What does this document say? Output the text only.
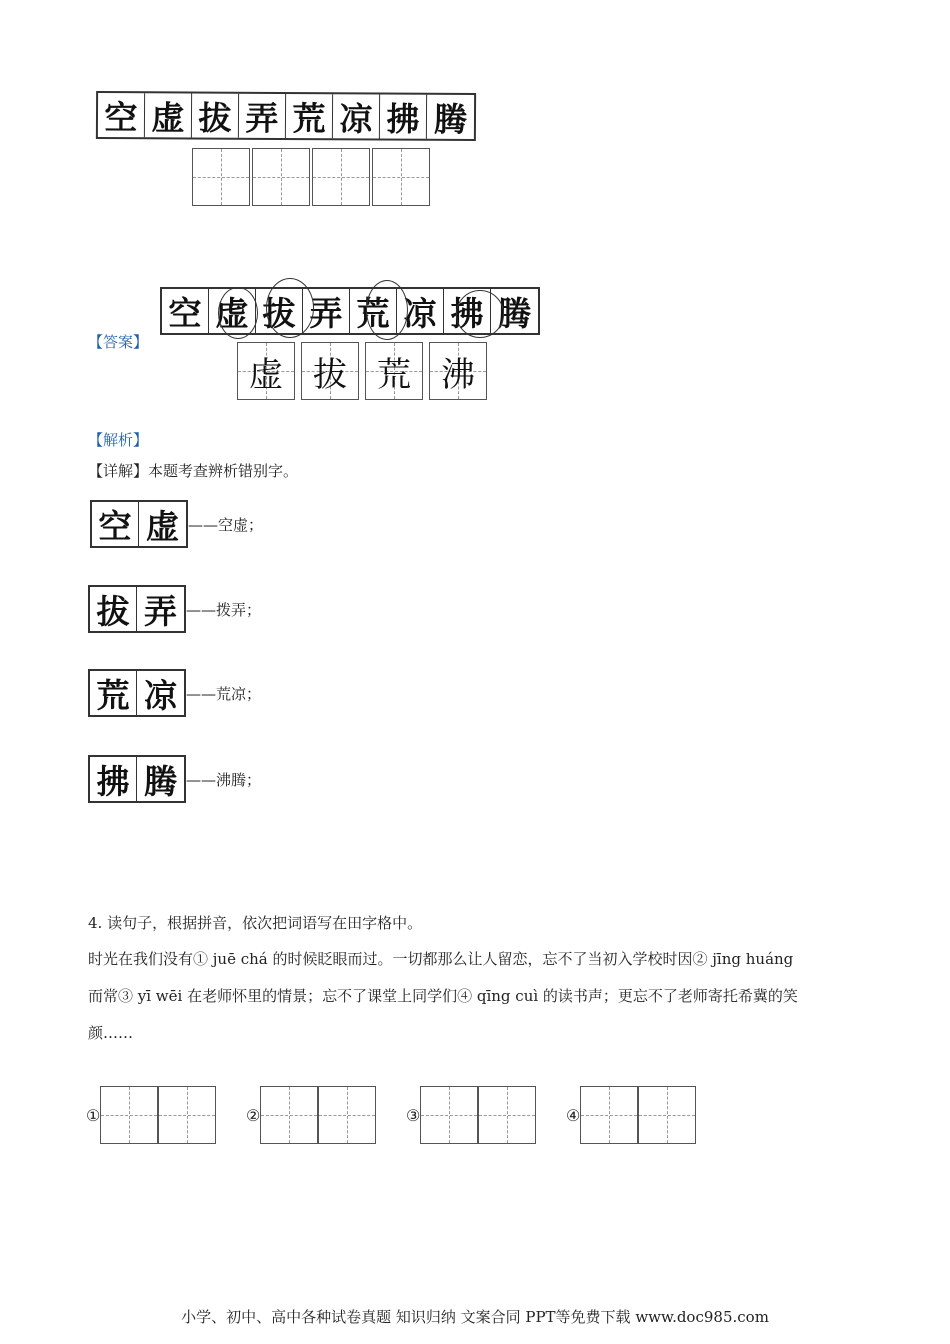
空 虚 拔 弄 荒 凉 拂 腾
空 虚 拔 弄 荒 凉 拂 腾
【答案】
虚 拔 荒 沸
【解析】
【详解】本题考查辨析错别字。
空 虚 ——空虚；
拔 弄 ——拨弄；
荒 凉 ——荒凉；
拂 腾 ——沸腾；
4. 读句子，根据拼音，依次把词语写在田字格中。
时光在我们没有① juē chá 的时候眨眼而过。一切都那么让人留恋，忘不了当初入学校时因② jīng huáng
而常③ yī wēi 在老师怀里的情景；忘不了课堂上同学们④ qīng cuì 的读书声；更忘不了老师寄托希冀的笑
颜……
①	②	③	④
小学、初中、高中各种试卷真题 知识归纳 文案合同 PPT等免费下载 www.doc985.com
